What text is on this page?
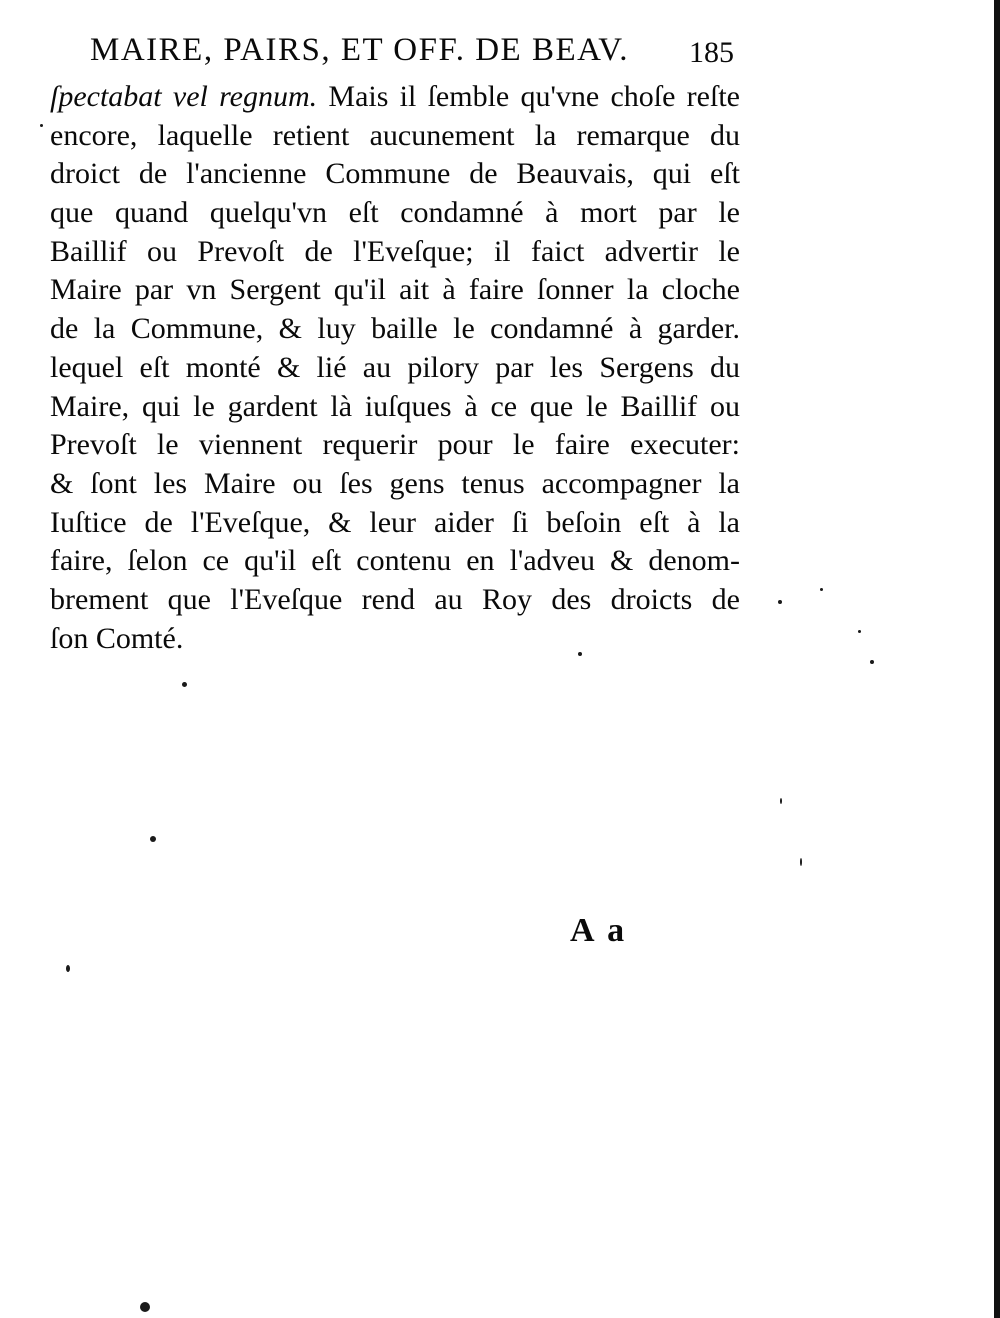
MAIRE, PAIRS, ET OFF. DE BEAV. 185
ſpectabat vel regnum. Mais il ſemble qu'vne choſe reſte
encore, laquelle retient aucunement la remarque du
droict de l'ancienne Commune de Beauvais, qui eſt
que quand quelqu'vn eſt condamné à mort par le
Baillif ou Prevoſt de l'Eveſque; il faict advertir le
Maire par vn Sergent qu'il ait à faire ſonner la cloche
de la Commune, & luy baille le condamné à garder.
lequel eſt monté & lié au pilory par les Sergens du
Maire, qui le gardent là iuſques à ce que le Baillif ou
Prevoſt le viennent requerir pour le faire executer:
& ſont les Maire ou ſes gens tenus accompagner la
Iuſtice de l'Eveſque, & leur aider ſi beſoin eſt à la
faire, ſelon ce qu'il eſt contenu en l'adveu & denom-
brement que l'Eveſque rend au Roy des droicts de
ſon Comté.
A a
